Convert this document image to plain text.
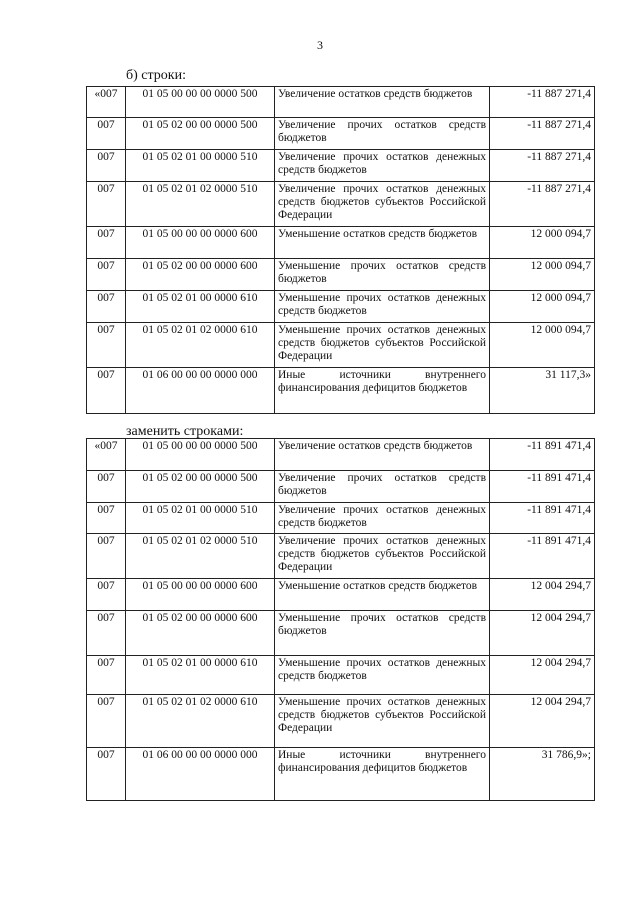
3
б) строки:
«007	01 05 00 00 00 0000 500	Увеличение остатков средств бюджетов	-11 887 271,4
007	01 05 02 00 00 0000 500	Увеличение прочих остатков средств бюджетов	-11 887 271,4
007	01 05 02 01 00 0000 510	Увеличение прочих остатков денежных средств бюджетов	-11 887 271,4
007	01 05 02 01 02 0000 510	Увеличение прочих остатков денежных средств бюджетов субъектов Российской Федерации	-11 887 271,4
007	01 05 00 00 00 0000 600	Уменьшение остатков средств бюджетов	12 000 094,7
007	01 05 02 00 00 0000 600	Уменьшение прочих остатков средств бюджетов	12 000 094,7
007	01 05 02 01 00 0000 610	Уменьшение прочих остатков денежных средств бюджетов	12 000 094,7
007	01 05 02 01 02 0000 610	Уменьшение прочих остатков денежных средств бюджетов субъектов Российской Федерации	12 000 094,7
007	01 06 00 00 00 0000 000	Иные источники внутреннего финансирования дефицитов бюджетов	31 117,3»
заменить строками:
«007	01 05 00 00 00 0000 500	Увеличение остатков средств бюджетов	-11 891 471,4
007	01 05 02 00 00 0000 500	Увеличение прочих остатков средств бюджетов	-11 891 471,4
007	01 05 02 01 00 0000 510	Увеличение прочих остатков денежных средств бюджетов	-11 891 471,4
007	01 05 02 01 02 0000 510	Увеличение прочих остатков денежных средств бюджетов субъектов Российской Федерации	-11 891 471,4
007	01 05 00 00 00 0000 600	Уменьшение остатков средств бюджетов	12 004 294,7
007	01 05 02 00 00 0000 600	Уменьшение прочих остатков средств бюджетов	12 004 294,7
007	01 05 02 01 00 0000 610	Уменьшение прочих остатков денежных средств бюджетов	12 004 294,7
007	01 05 02 01 02 0000 610	Уменьшение прочих остатков денежных средств бюджетов субъектов Российской Федерации	12 004 294,7
007	01 06 00 00 00 0000 000	Иные источники внутреннего финансирования дефицитов бюджетов	31 786,9»;
